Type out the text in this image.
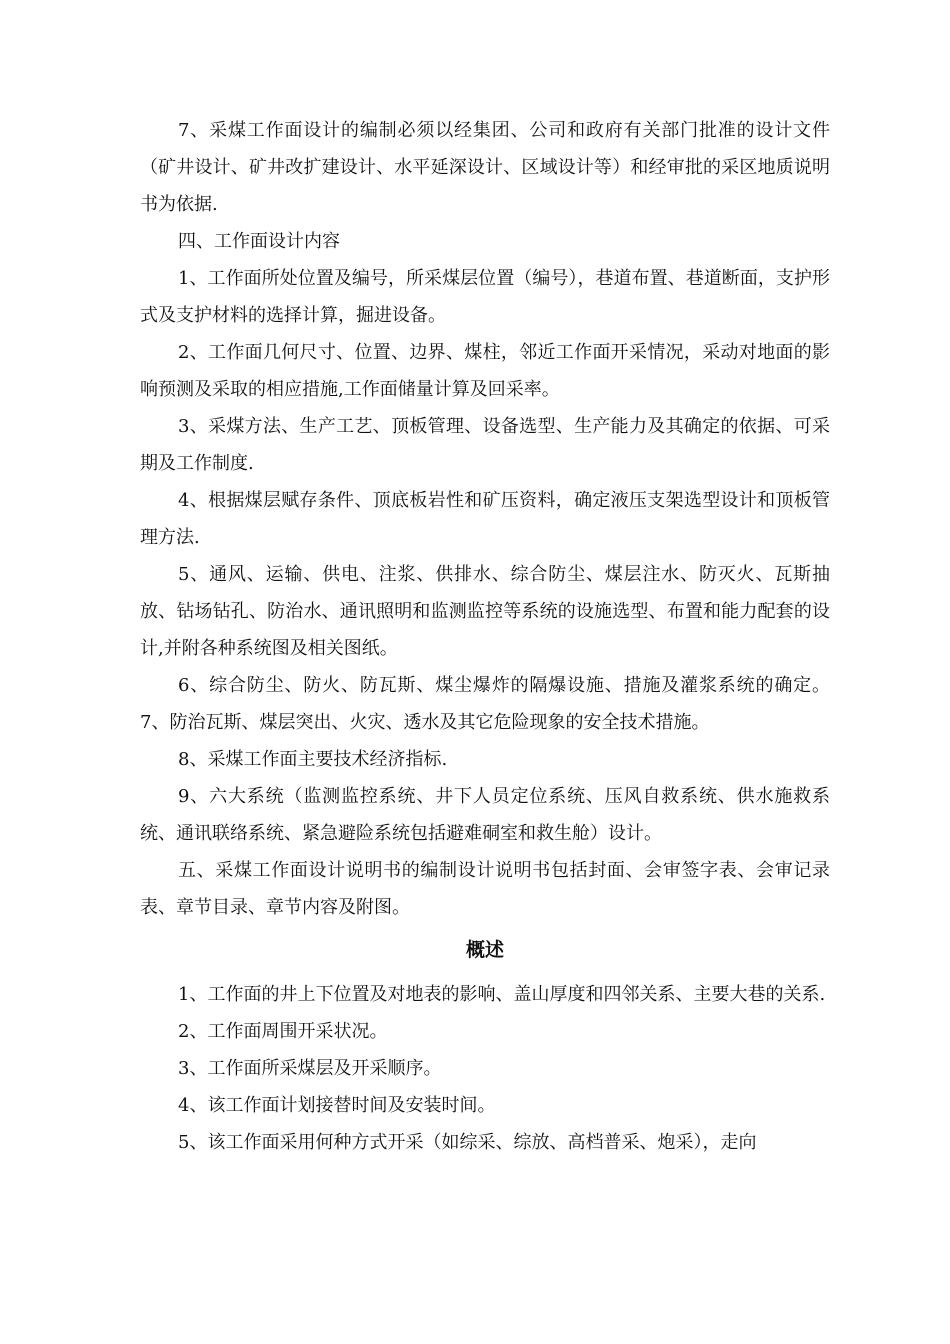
7、采煤工作面设计的编制必须以经集团、公司和政府有关部门批准的设计文件（矿井设计、矿井改扩建设计、水平延深设计、区域设计等）和经审批的采区地质说明书为依据.

四、工作面设计内容

1、工作面所处位置及编号，所采煤层位置（编号），巷道布置、巷道断面，支护形式及支护材料的选择计算，掘进设备。

2、工作面几何尺寸、位置、边界、煤柱，邻近工作面开采情况，采动对地面的影响预测及采取的相应措施,工作面储量计算及回采率。

3、采煤方法、生产工艺、顶板管理、设备选型、生产能力及其确定的依据、可采期及工作制度.

4、根据煤层赋存条件、顶底板岩性和矿压资料，确定液压支架选型设计和顶板管理方法.

5、通风、运输、供电、注浆、供排水、综合防尘、煤层注水、防灭火、瓦斯抽放、钻场钻孔、防治水、通讯照明和监测监控等系统的设施选型、布置和能力配套的设计,并附各种系统图及相关图纸。

6、综合防尘、防火、防瓦斯、煤尘爆炸的隔爆设施、措施及灌浆系统的确定。7、防治瓦斯、煤层突出、火灾、透水及其它危险现象的安全技术措施。

8、采煤工作面主要技术经济指标.

9、六大系统（监测监控系统、井下人员定位系统、压风自救系统、供水施救系统、通讯联络系统、紧急避险系统包括避难硐室和救生舱）设计。

五、采煤工作面设计说明书的编制设计说明书包括封面、会审签字表、会审记录表、章节目录、章节内容及附图。

概述

1、工作面的井上下位置及对地表的影响、盖山厚度和四邻关系、主要大巷的关系.

2、工作面周围开采状况。

3、工作面所采煤层及开采顺序。

4、该工作面计划接替时间及安装时间。

5、该工作面采用何种方式开采（如综采、综放、高档普采、炮采），走向
